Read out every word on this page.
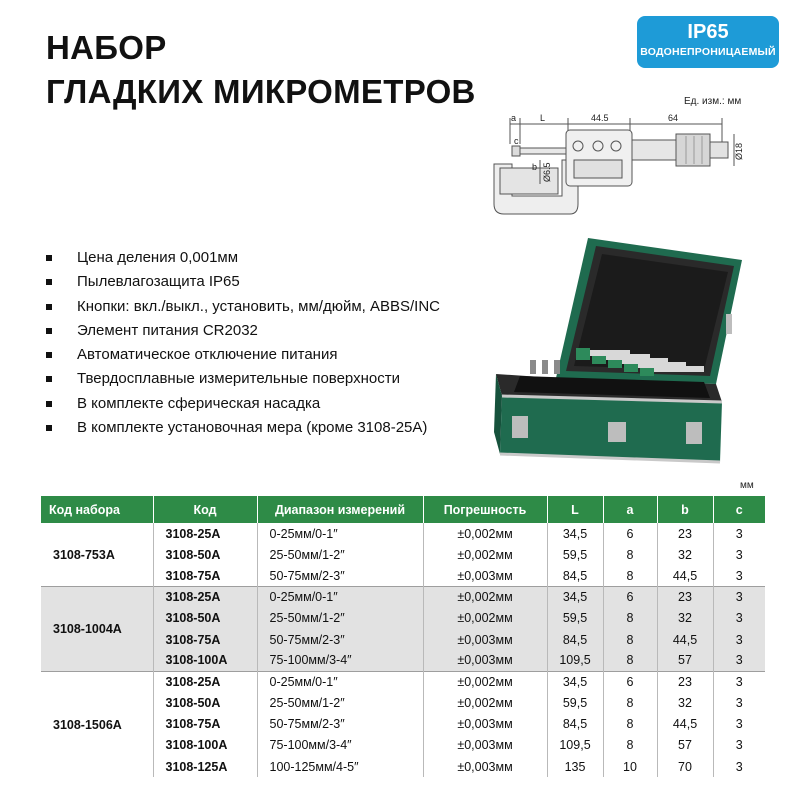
НАБОР
ГЛАДКИХ МИКРОМЕТРОВ
IP65
ВОДОНЕПРОНИЦАЕМЫЙ
Ед. изм.: мм
a	L	44.5	64
c
b Ø6.5
Ø18
Цена деления 0,001мм
Пылевлагозащита IP65
Кнопки: вкл./выкл., установить, мм/дюйм, ABBS/INC
Элемент питания CR2032
Автоматическое отключение питания
Твердосплавные измерительные поверхности
В комплекте сферическая насадка
В комплекте установочная мера (кроме 3108-25A)
мм
Код набора	Код	Диапазон измерений	Погрешность	L	a	b	c
3108-753A	3108-25A	0-25мм/0-1″	±0,002мм	34,5	6	23	3
	3108-50A	25-50мм/1-2″	±0,002мм	59,5	8	32	3
	3108-75A	50-75мм/2-3″	±0,003мм	84,5	8	44,5	3
3108-1004A	3108-25A	0-25мм/0-1″	±0,002мм	34,5	6	23	3
	3108-50A	25-50мм/1-2″	±0,002мм	59,5	8	32	3
	3108-75A	50-75мм/2-3″	±0,003мм	84,5	8	44,5	3
	3108-100A	75-100мм/3-4″	±0,003мм	109,5	8	57	3
3108-1506A	3108-25A	0-25мм/0-1″	±0,002мм	34,5	6	23	3
	3108-50A	25-50мм/1-2″	±0,002мм	59,5	8	32	3
	3108-75A	50-75мм/2-3″	±0,003мм	84,5	8	44,5	3
	3108-100A	75-100мм/3-4″	±0,003мм	109,5	8	57	3
	3108-125A	100-125мм/4-5″	±0,003мм	135	10	70	3
